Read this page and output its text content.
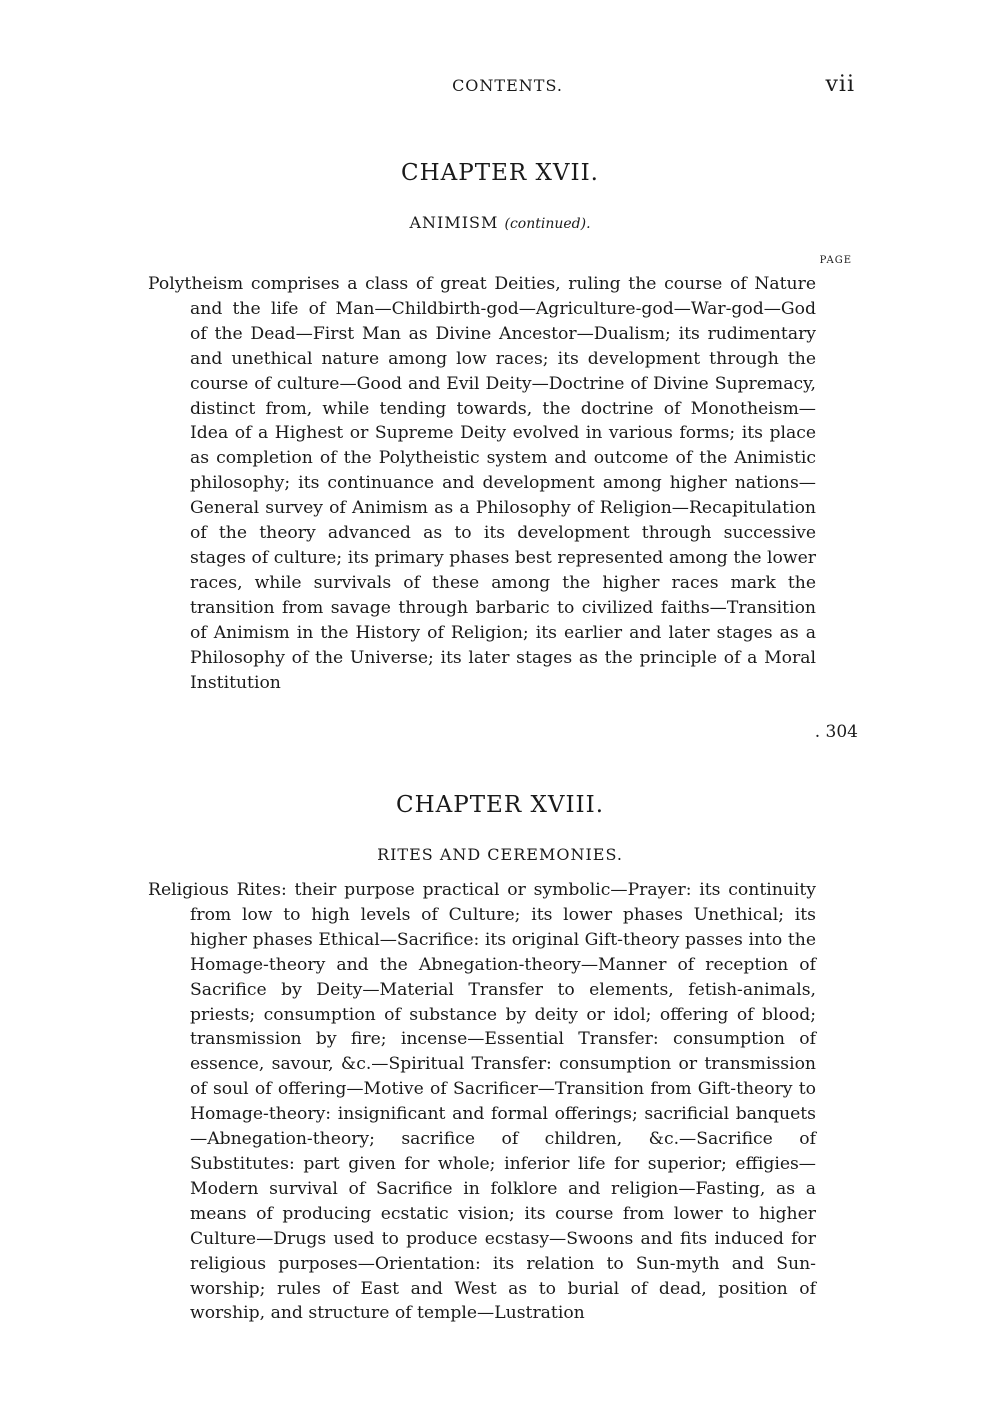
CONTENTS.	vii
CHAPTER XVII.
ANIMISM (continued).
PAGE

Polytheism comprises a class of great Deities, ruling the course of Nature and the life of Man—Childbirth-god—Agriculture-god—War-god—God of the Dead—First Man as Divine Ancestor—Dualism; its rudimentary and unethical nature among low races; its development through the course of culture—Good and Evil Deity—Doctrine of Divine Supremacy, distinct from, while tending towards, the doctrine of Monotheism—Idea of a Highest or Supreme Deity evolved in various forms; its place as completion of the Polytheistic system and outcome of the Animistic philosophy; its continuance and development among higher nations—General survey of Animism as a Philosophy of Religion—Recapitulation of the theory advanced as to its development through successive stages of culture; its primary phases best represented among the lower races, while survivals of these among the higher races mark the transition from savage through barbaric to civilized faiths—Transition of Animism in the History of Religion; its earlier and later stages as a Philosophy of the Universe; its later stages as the principle of a Moral Institution

. 304
CHAPTER XVIII.
RITES AND CEREMONIES.

Religious Rites: their purpose practical or symbolic—Prayer: its continuity from low to high levels of Culture; its lower phases Unethical; its higher phases Ethical—Sacrifice: its original Gift-theory passes into the Homage-theory and the Abnegation-theory—Manner of reception of Sacrifice by Deity—Material Transfer to elements, fetish-animals, priests; consumption of substance by deity or idol; offering of blood; transmission by fire; incense—Essential Transfer: consumption of essence, savour, &c.—Spiritual Transfer: consumption or transmission of soul of offering—Motive of Sacrificer—Transition from Gift-theory to Homage-theory: insignificant and formal offerings; sacrificial banquets—Abnegation-theory; sacrifice of children, &c.—Sacrifice of Substitutes: part given for whole; inferior life for superior; effigies—Modern survival of Sacrifice in folklore and religion—Fasting, as a means of producing ecstatic vision; its course from lower to higher Culture—Drugs used to produce ecstasy—Swoons and fits induced for religious purposes—Orientation: its relation to Sun-myth and Sun-worship; rules of East and West as to burial of dead, position of worship, and structure of temple—Lustration
